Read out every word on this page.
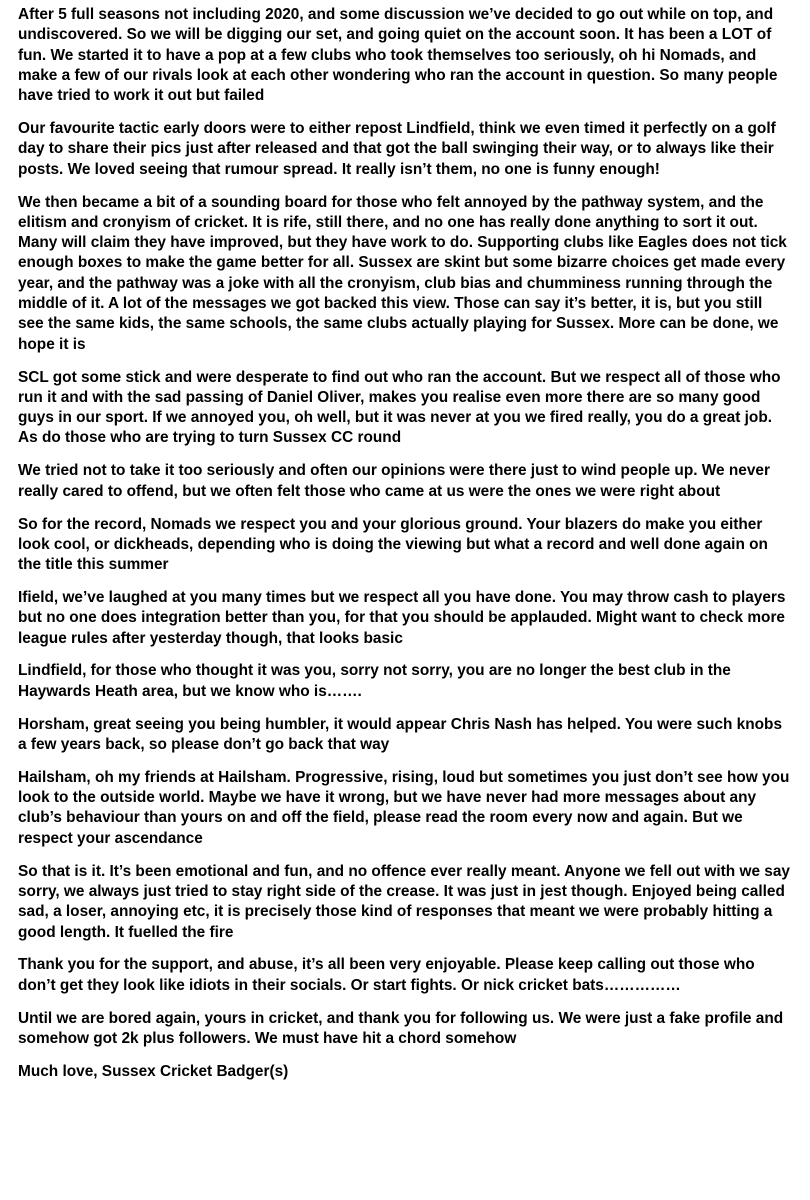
After 5 full seasons not including 2020, and some discussion we’ve decided to go out while on top, and undiscovered. So we will be digging our set, and going quiet on the account soon. It has been a LOT of fun. We started it to have a pop at a few clubs who took themselves too seriously, oh hi Nomads, and make a few of our rivals look at each other wondering who ran the account in question. So many people have tried to work it out but failed

Our favourite tactic early doors were to either repost Lindfield, think we even timed it perfectly on a golf day to share their pics just after released and that got the ball swinging their way, or to always like their posts. We loved seeing that rumour spread. It really isn’t them, no one is funny enough!

We then became a bit of a sounding board for those who felt annoyed by the pathway system, and the elitism and cronyism of cricket. It is rife, still there, and no one has really done anything to sort it out. Many will claim they have improved, but they have work to do. Supporting clubs like Eagles does not tick enough boxes to make the game better for all. Sussex are skint but some bizarre choices get made every year, and the pathway was a joke with all the cronyism, club bias and chumminess running through the middle of it. A lot of the messages we got backed this view. Those can say it’s better, it is, but you still see the same kids, the same schools, the same clubs actually playing for Sussex. More can be done, we hope it is

SCL got some stick and were desperate to find out who ran the account. But we respect all of those who run it and with the sad passing of Daniel Oliver, makes you realise even more there are so many good guys in our sport. If we annoyed you, oh well, but it was never at you we fired really, you do a great job. As do those who are trying to turn Sussex CC round

We tried not to take it too seriously and often our opinions were there just to wind people up. We never really cared to offend, but we often felt those who came at us were the ones we were right about

So for the record, Nomads we respect you and your glorious ground. Your blazers do make you either look cool, or dickheads, depending who is doing the viewing but what a record and well done again on the title this summer

Ifield, we’ve laughed at you many times but we respect all you have done. You may throw cash to players but no one does integration better than you, for that you should be applauded. Might want to check more league rules after yesterday though, that looks basic

Lindfield, for those who thought it was you, sorry not sorry, you are no longer the best club in the Haywards Heath area, but we know who is…….

Horsham, great seeing you being humbler, it would appear Chris Nash has helped. You were such knobs a few years back, so please don’t go back that way

Hailsham, oh my friends at Hailsham. Progressive, rising, loud but sometimes you just don’t see how you look to the outside world. Maybe we have it wrong, but we have never had more messages about any club’s behaviour than yours on and off the field, please read the room every now and again. But we respect your ascendance

So that is it. It’s been emotional and fun, and no offence ever really meant. Anyone we fell out with we say sorry, we always just tried to stay right side of the crease. It was just in jest though. Enjoyed being called sad, a loser, annoying etc, it is precisely those kind of responses that meant we were probably hitting a good length. It fuelled the fire

Thank you for the support, and abuse, it’s all been very enjoyable. Please keep calling out those who don’t get they look like idiots in their socials. Or start fights. Or nick cricket bats……………

Until we are bored again, yours in cricket, and thank you for following us. We were just a fake profile and somehow got 2k plus followers. We must have hit a chord somehow

Much love, Sussex Cricket Badger(s)
